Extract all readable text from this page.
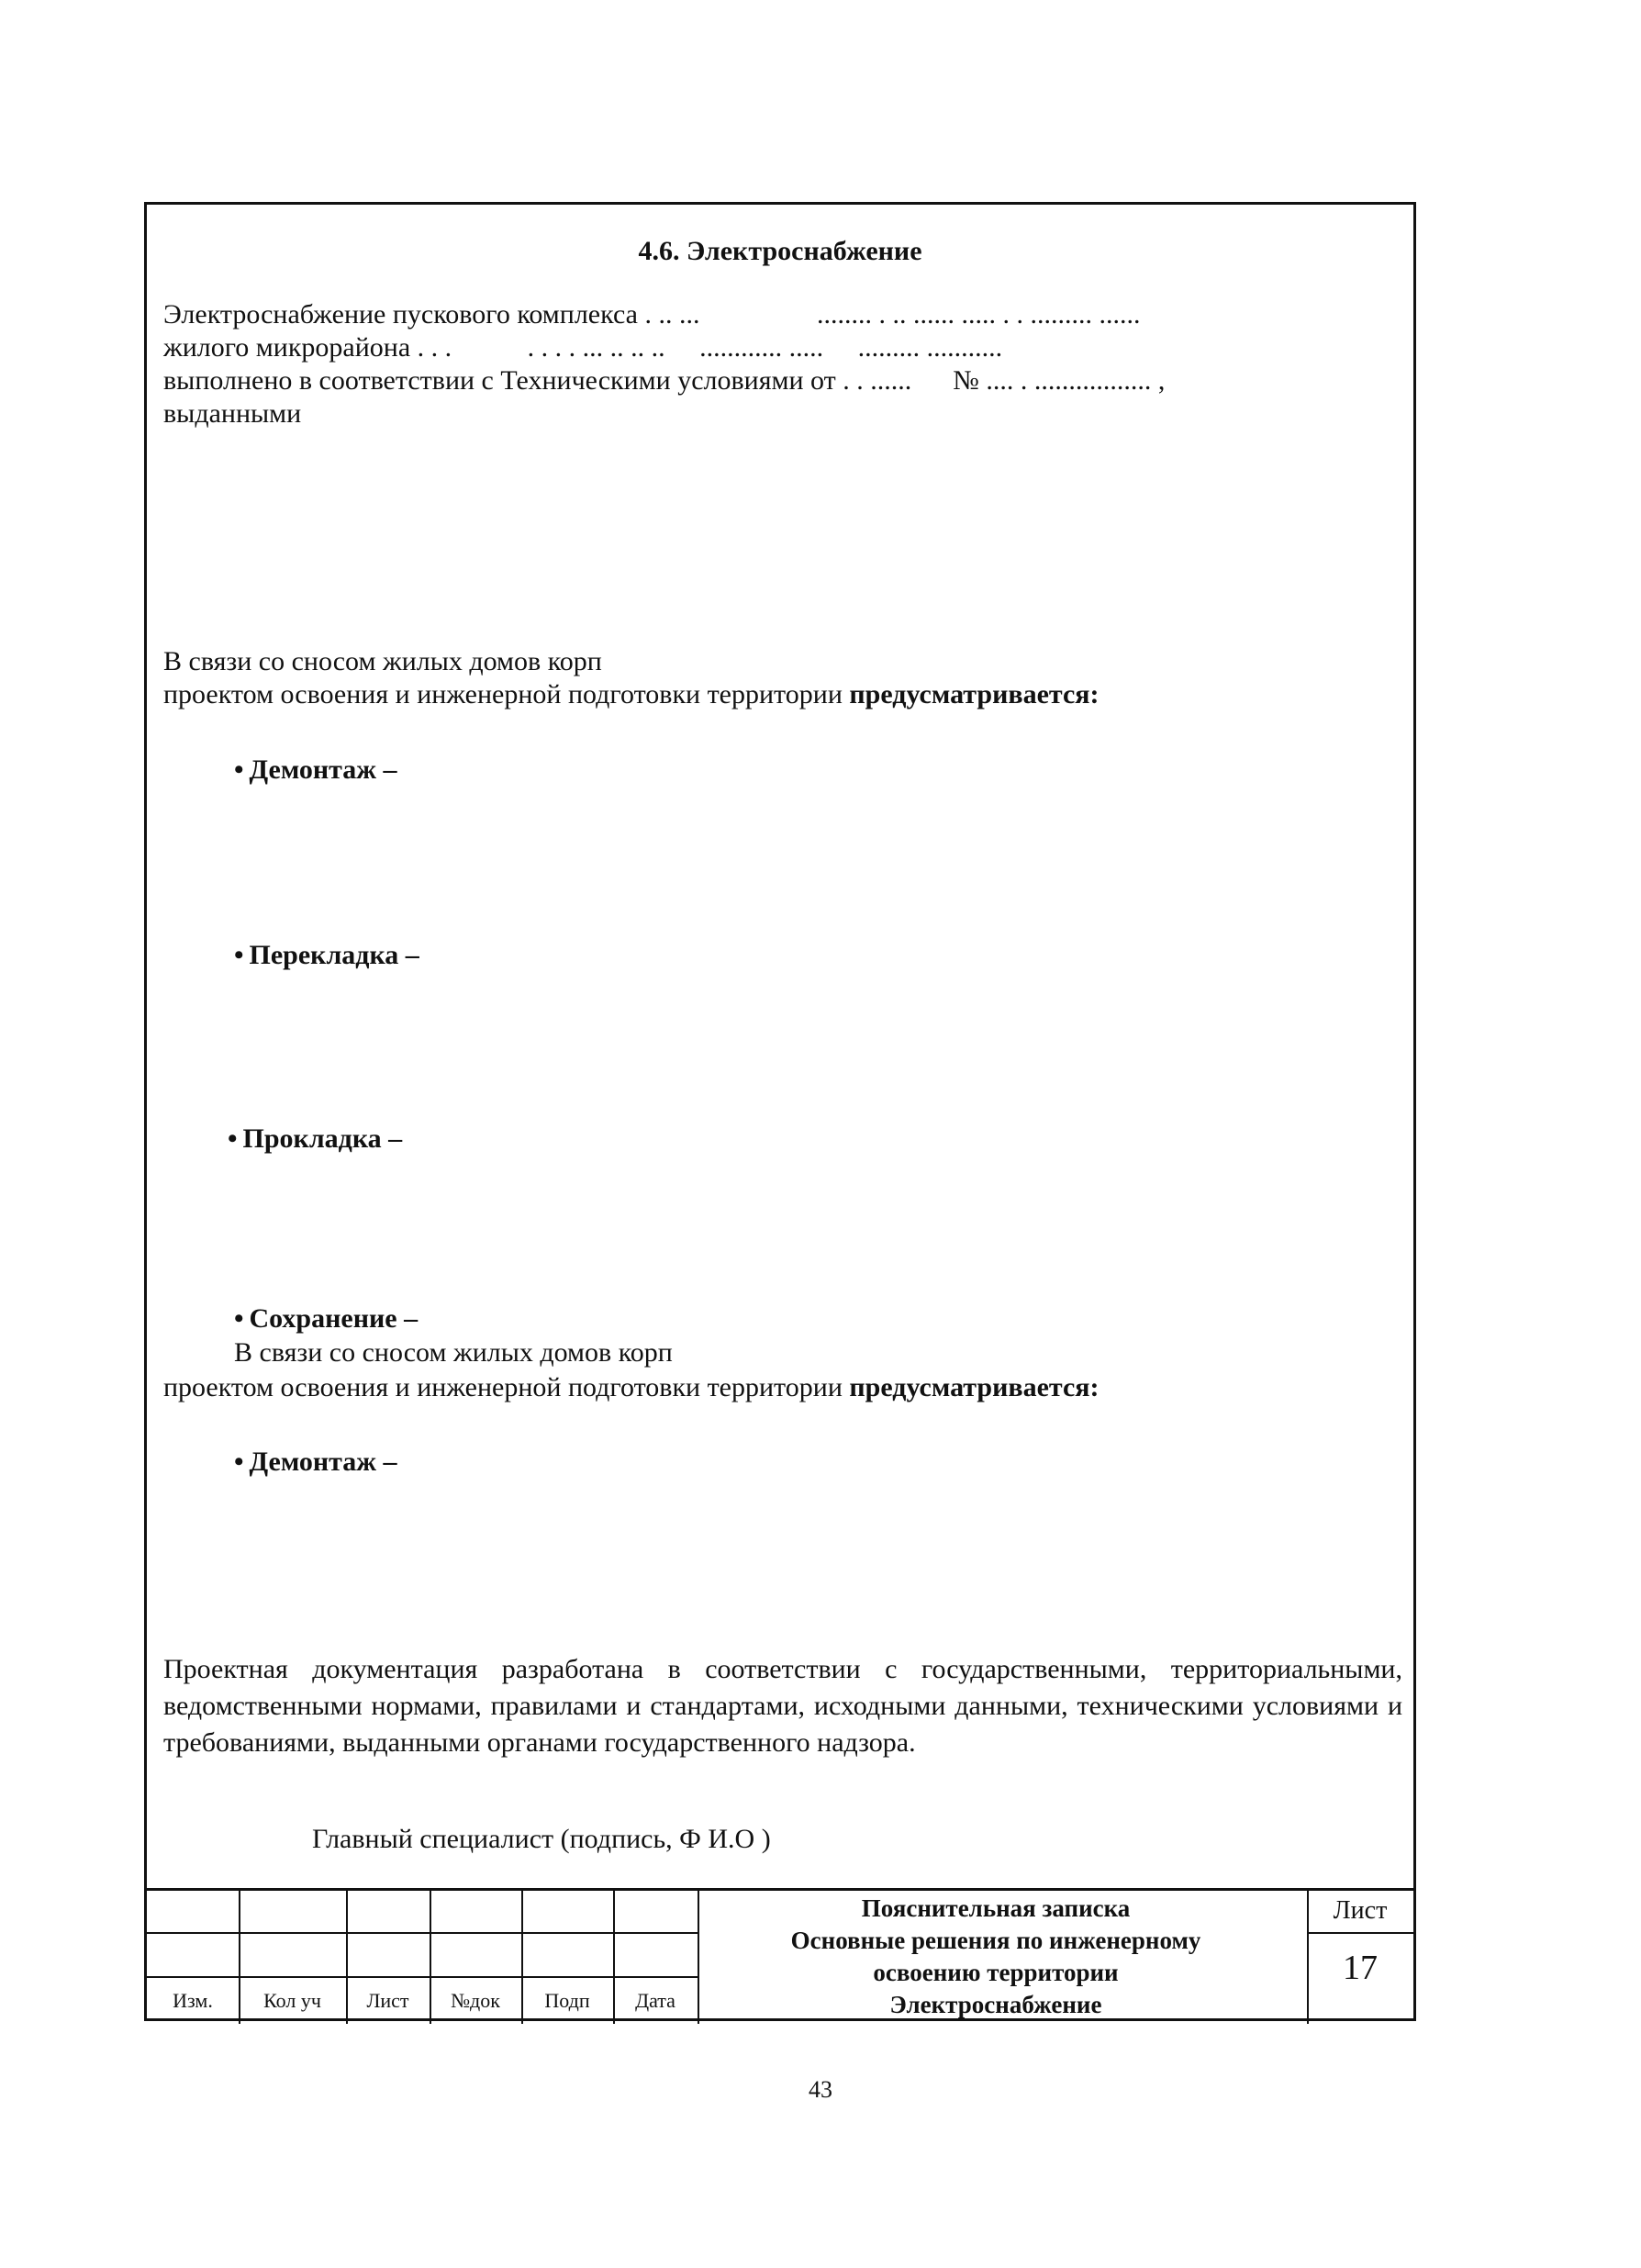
4.6. Электроснабжение
Электроснабжение пускового комплекса . .. ...                 ........ . .. ...... ..... . . ......... ......
жилого микрорайона . . .           . . . . ... .. .. ..     ............ .....     ......... ...........
выполнено в соответствии с Техническими условиями от . . ...... № .... . ................. ,
выданными
В связи со сносом жилых домов корп
проектом освоения и инженерной подготовки территории предусматривается:
• Демонтаж –
• Перекладка –
• Прокладка –
• Сохранение –
В связи со сносом жилых домов корп
проектом освоения и инженерной подготовки территории предусматривается:
• Демонтаж –
Проектная документация разработана в соответствии с государственными, территориальными, ведомственными нормами, правилами и стандартами, исходными данными, техническими условиями и требованиями, выданными органами государственного надзора.
Главный специалист (подпись, Ф И.О )
Изм.	Кол уч	Лист	№док	Подп	Дата
Пояснительная записка
Основные решения по инженерному
освоению территории
Электроснабжение
Лист
17
43
